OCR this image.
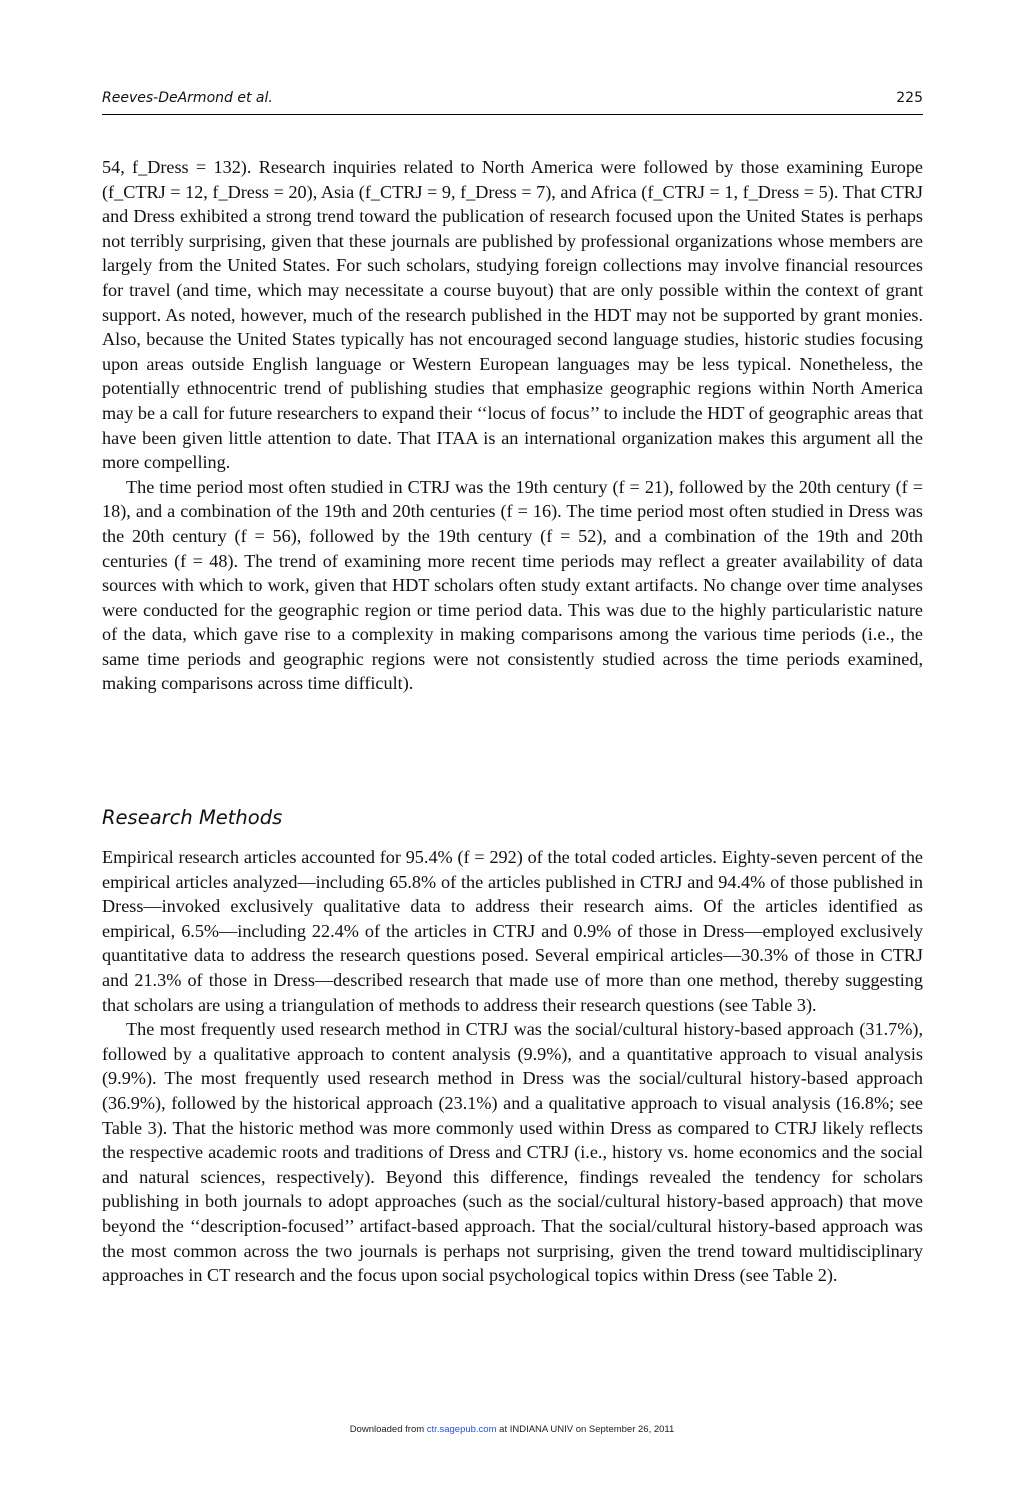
Reeves-DeArmond et al.	225

54, f_Dress = 132). Research inquiries related to North America were followed by those examining Europe (f_CTRJ = 12, f_Dress = 20), Asia (f_CTRJ = 9, f_Dress = 7), and Africa (f_CTRJ = 1, f_Dress = 5). That CTRJ and Dress exhibited a strong trend toward the publication of research focused upon the United States is perhaps not terribly surprising, given that these journals are published by professional organizations whose members are largely from the United States. For such scholars, studying foreign collections may involve financial resources for travel (and time, which may necessitate a course buyout) that are only possible within the context of grant support. As noted, however, much of the research published in the HDT may not be supported by grant monies. Also, because the United States typically has not encouraged second language studies, historic studies focusing upon areas outside English language or Western European languages may be less typical. Nonetheless, the potentially ethnocentric trend of publishing studies that emphasize geographic regions within North America may be a call for future researchers to expand their ‘‘locus of focus’’ to include the HDT of geographic areas that have been given little attention to date. That ITAA is an international organization makes this argument all the more compelling.

The time period most often studied in CTRJ was the 19th century (f = 21), followed by the 20th century (f = 18), and a combination of the 19th and 20th centuries (f = 16). The time period most often studied in Dress was the 20th century (f = 56), followed by the 19th century (f = 52), and a combination of the 19th and 20th centuries (f = 48). The trend of examining more recent time periods may reflect a greater availability of data sources with which to work, given that HDT scholars often study extant artifacts. No change over time analyses were conducted for the geographic region or time period data. This was due to the highly particularistic nature of the data, which gave rise to a complexity in making comparisons among the various time periods (i.e., the same time periods and geographic regions were not consistently studied across the time periods examined, making comparisons across time difficult).

Research Methods

Empirical research articles accounted for 95.4% (f = 292) of the total coded articles. Eighty-seven percent of the empirical articles analyzed—including 65.8% of the articles published in CTRJ and 94.4% of those published in Dress—invoked exclusively qualitative data to address their research aims. Of the articles identified as empirical, 6.5%—including 22.4% of the articles in CTRJ and 0.9% of those in Dress—employed exclusively quantitative data to address the research questions posed. Several empirical articles—30.3% of those in CTRJ and 21.3% of those in Dress—described research that made use of more than one method, thereby suggesting that scholars are using a triangulation of methods to address their research questions (see Table 3).

The most frequently used research method in CTRJ was the social/cultural history-based approach (31.7%), followed by a qualitative approach to content analysis (9.9%), and a quantitative approach to visual analysis (9.9%). The most frequently used research method in Dress was the social/cultural history-based approach (36.9%), followed by the historical approach (23.1%) and a qualitative approach to visual analysis (16.8%; see Table 3). That the historic method was more commonly used within Dress as compared to CTRJ likely reflects the respective academic roots and traditions of Dress and CTRJ (i.e., history vs. home economics and the social and natural sciences, respectively). Beyond this difference, findings revealed the tendency for scholars publishing in both journals to adopt approaches (such as the social/cultural history-based approach) that move beyond the ‘‘description-focused’’ artifact-based approach. That the social/cultural history-based approach was the most common across the two journals is perhaps not surprising, given the trend toward multidisciplinary approaches in CT research and the focus upon social psychological topics within Dress (see Table 2).

Downloaded from ctr.sagepub.com at INDIANA UNIV on September 26, 2011
